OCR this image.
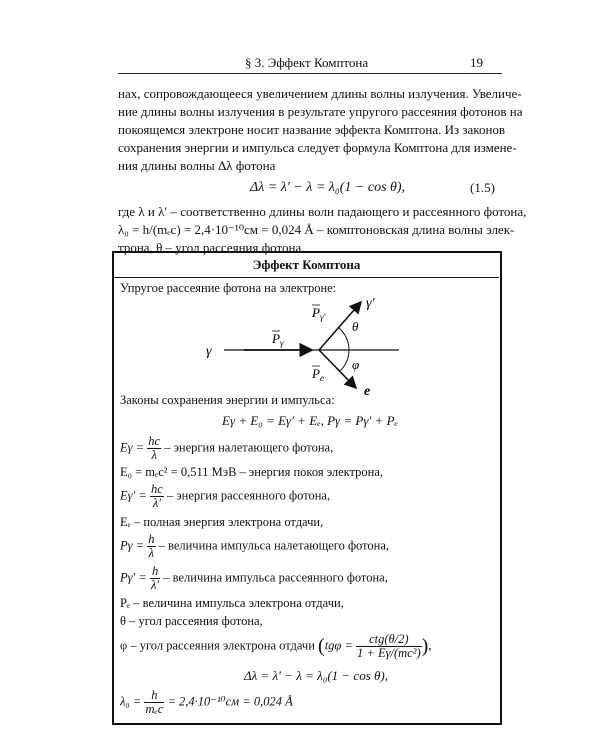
§ 3. Эффект Комптона	19
нах, сопровождающееся увеличением длины волны излучения. Увеличе-
ние длины волны излучения в результате упругого рассеяния фотонов на
покоящемся электроне носит название эффекта Комптона. Из законов
сохранения энергии и импульса следует формула Комптона для измене-
ния длины волны Δλ фотона
Δλ = λ′ − λ = λ₀(1 − cos θ),	(1.5)
где λ и λ′ – соответственно длины волн падающего и рассеянного фотона,
λ₀ = h/(mₑc) = 2,4·10⁻¹⁰см = 0,024 Å – комптоновская длина волны элек-
трона, θ – угол рассеяния фотона.
Эффект Комптона
Упругое рассеяние фотона на электроне:
γ
γ′
e
θ
φ
P γ
P γ′
P e
Законы сохранения энергии и импульса:
Eγ + E₀ = Eγ′ + Eₑ, Pγ = Pγ′ + Pₑ
$E\gamma = \frac{hc}{\lambda}$ – энергия налетающего фотона,
E₀ = mₑc² = 0,511 МэВ – энергия покоя электрона,
$E\gamma' = \frac{hc}{\lambda'}$ – энергия рассеянного фотона,
Eₑ – полная энергия электрона отдачи,
$P\gamma = \frac{h}{\lambda}$ – величина импульса налетающего фотона,
$P\gamma' = \frac{h}{\lambda'}$ – величина импульса рассеянного фотона,
Pₑ – величина импульса электрона отдачи,
θ – угол рассеяния фотона,
φ – угол рассеяния электрона отдачи ($tg\varphi = \frac{\text{ctg(θ/2)}}{\text{1 + Eγ/(mc²)}}$ ),
Δλ = λ′ − λ = λ₀(1 − cos θ),
$\lambda_0 = \frac{h}{\text{mₑc}} = 2,4\cdot 10^{-10}см = 0,024$ Å
